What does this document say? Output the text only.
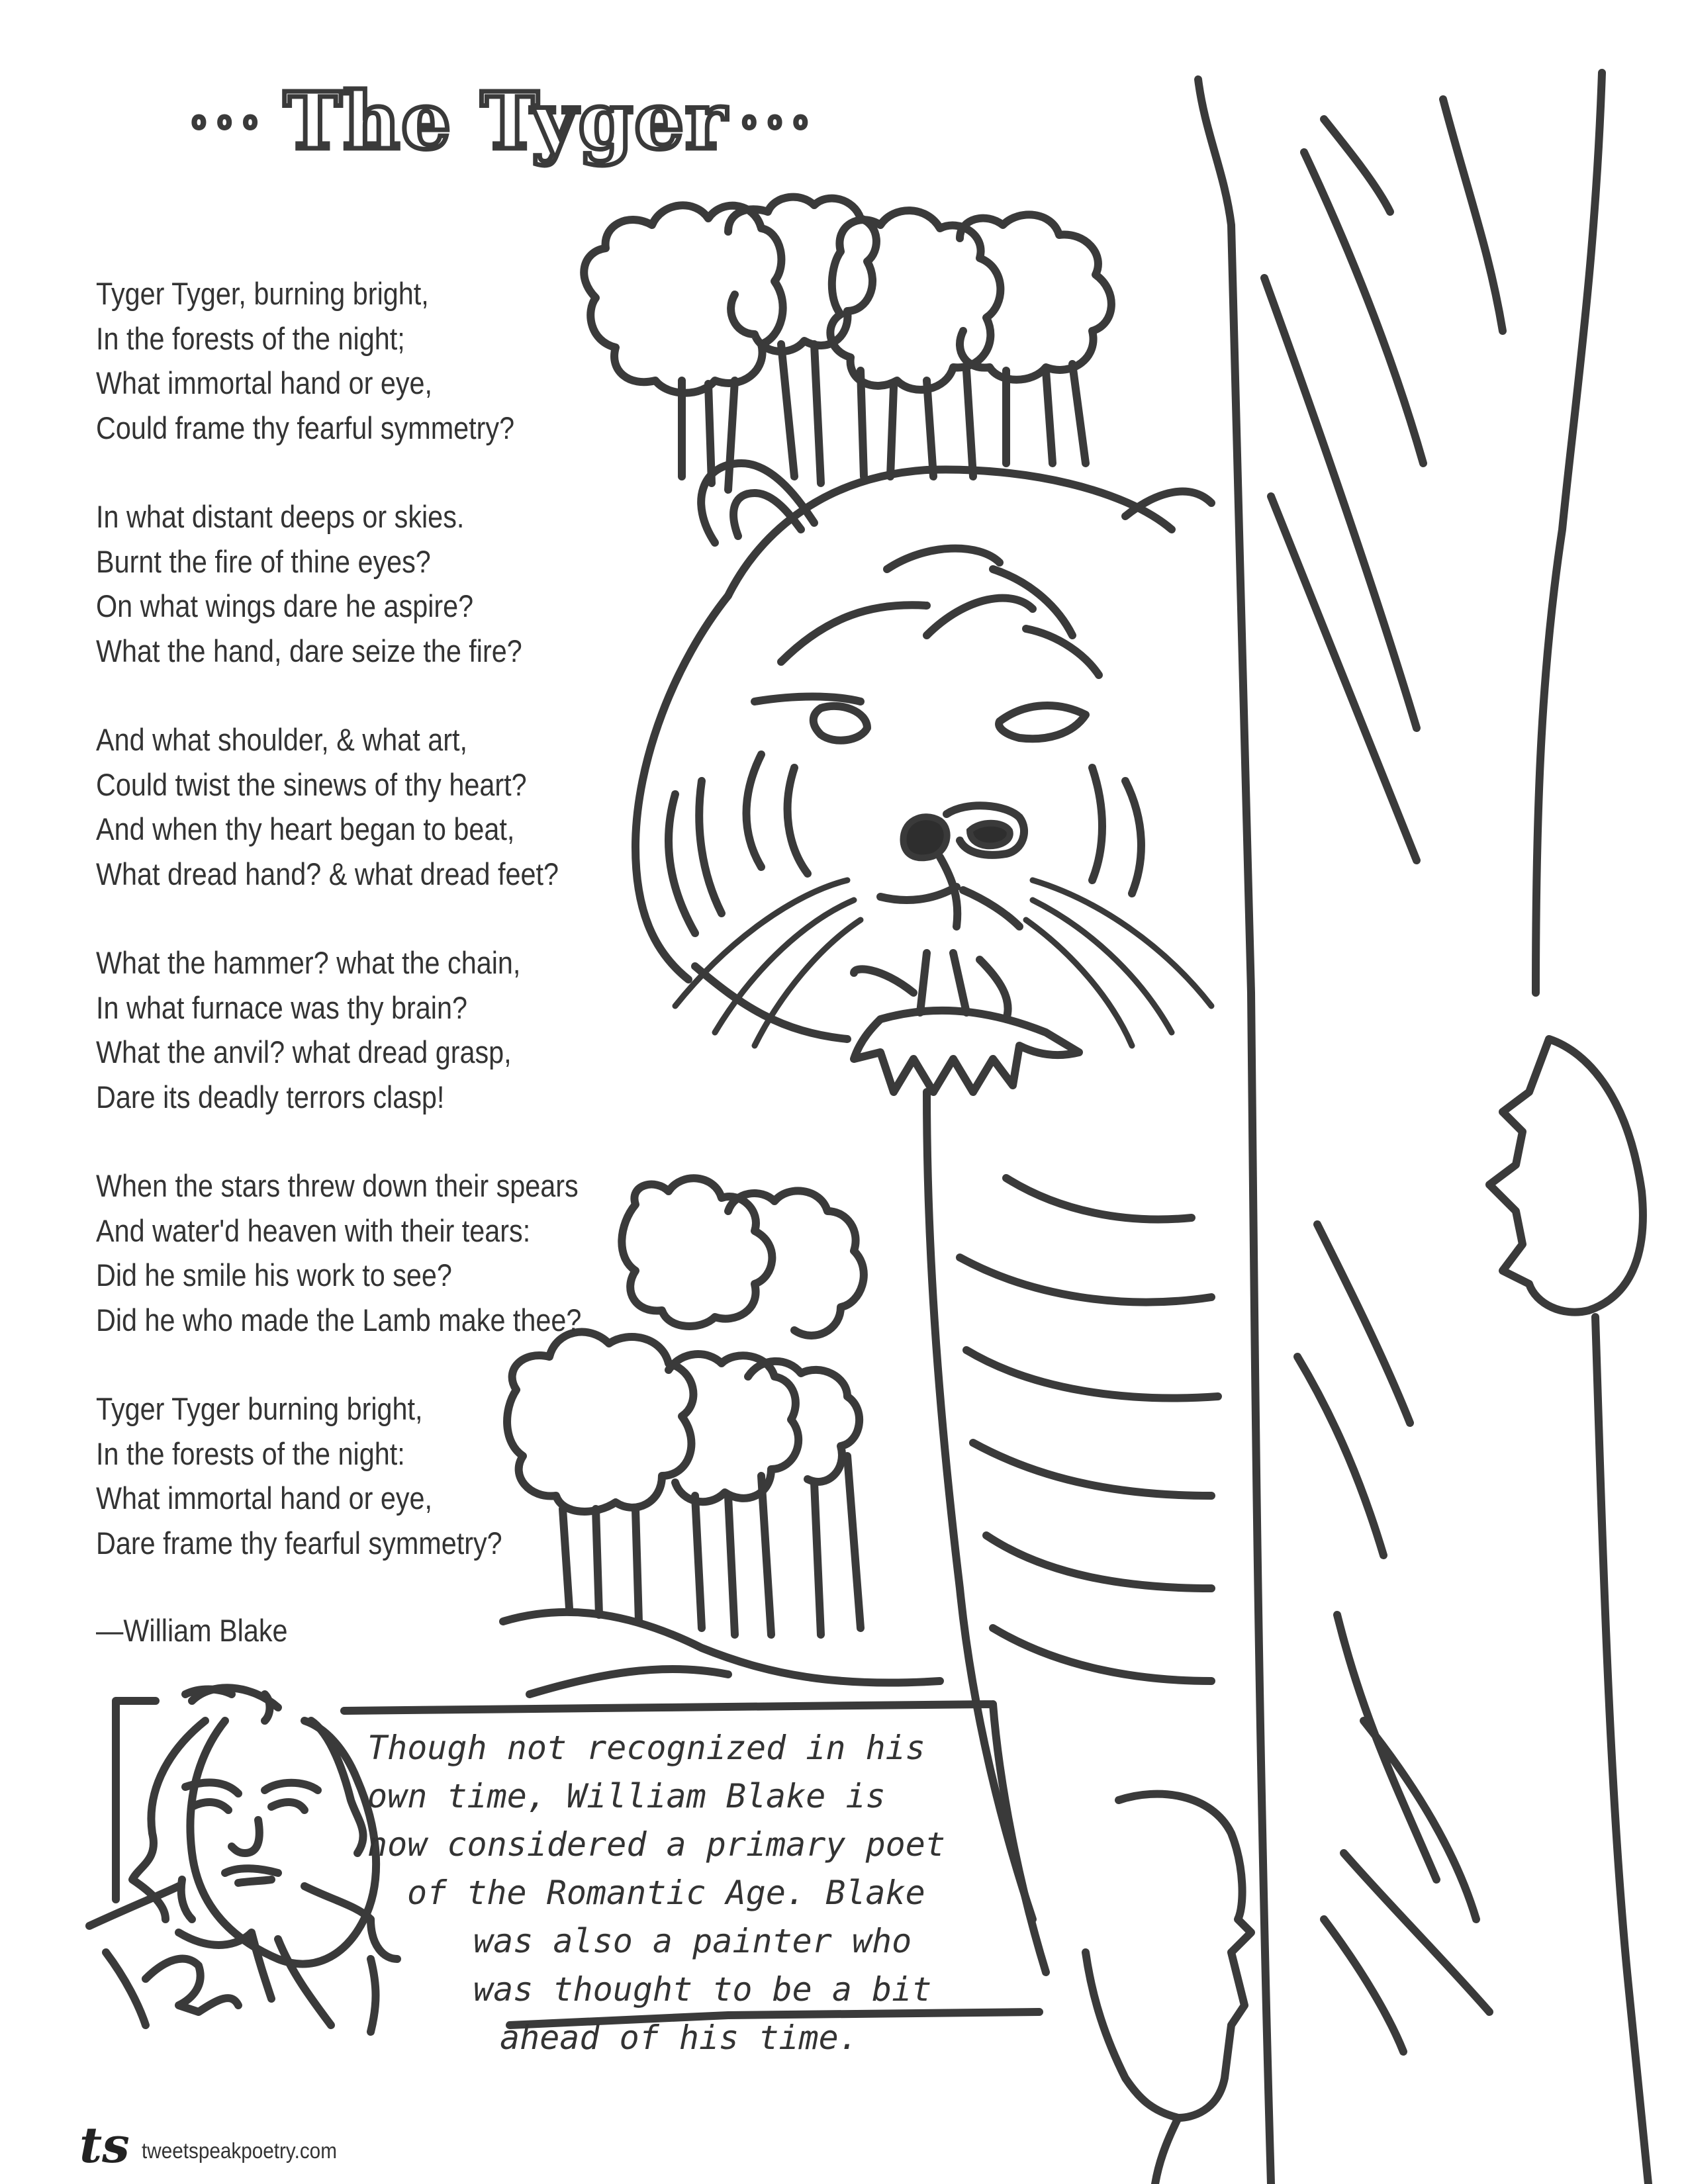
ooo The Tyger ooo
Tyger Tyger, burning bright,
In the forests of the night;
What immortal hand or eye,
Could frame thy fearful symmetry?
In what distant deeps or skies.
Burnt the fire of thine eyes?
On what wings dare he aspire?
What the hand, dare seize the fire?
And what shoulder, & what art,
Could twist the sinews of thy heart?
And when thy heart began to beat,
What dread hand? & what dread feet?
What the hammer? what the chain,
In what furnace was thy brain?
What the anvil? what dread grasp,
Dare its deadly terrors clasp!
When the stars threw down their spears
And water'd heaven with their tears:
Did he smile his work to see?
Did he who made the Lamb make thee?
Tyger Tyger burning bright,
In the forests of the night:
What immortal hand or eye,
Dare frame thy fearful symmetry?
—William Blake
Though not recognized in his
own time, William Blake is
now considered a primary poet
of the Romantic Age. Blake
was also a painter who
was thought to be a bit
ahead of his time.
ts tweetspeakpoetry.com
